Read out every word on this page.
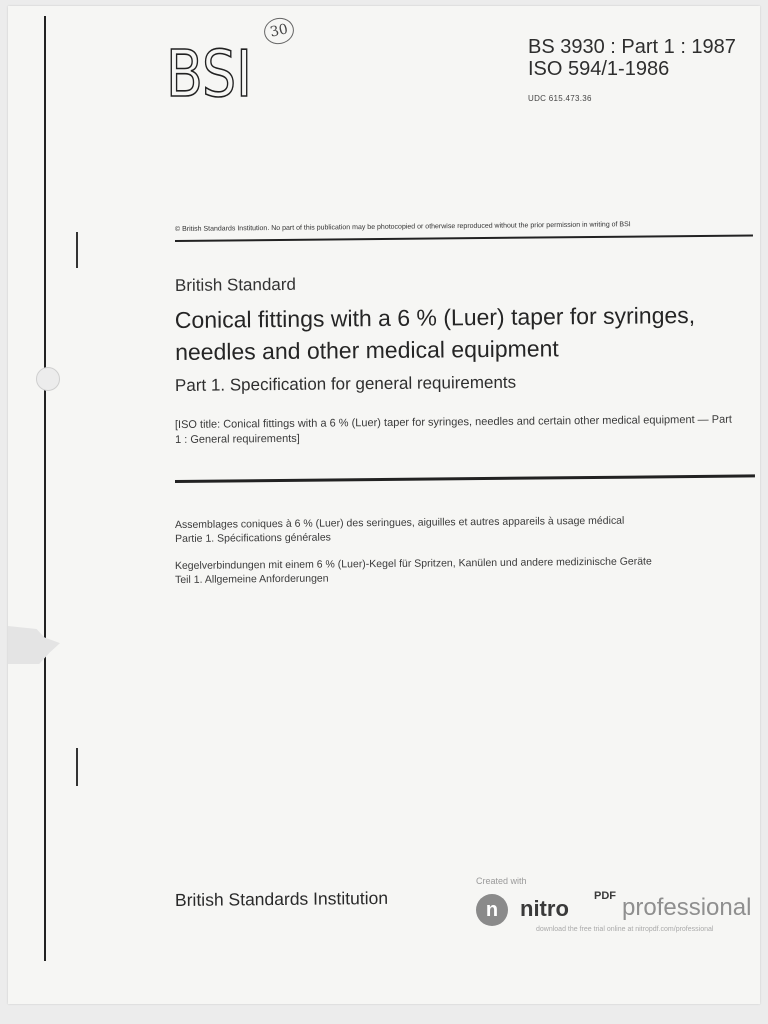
BSI
30
BS 3930 : Part 1 : 1987
ISO 594/1-1986
UDC 615.473.36
© British Standards Institution. No part of this publication may be photocopied or otherwise reproduced without the prior permission in writing of BSI
British Standard
Conical fittings with a 6 % (Luer) taper for syringes, needles and other medical equipment
Part 1. Specification for general requirements
[ISO title: Conical fittings with a 6 % (Luer) taper for syringes, needles and certain other medical equipment — Part 1 : General requirements]
Assemblages coniques à 6 % (Luer) des seringues, aiguilles et autres appareils à usage médical
Partie 1. Spécifications générales
Kegelverbindungen mit einem 6 % (Luer)-Kegel für Spritzen, Kanülen und andere medizinische Geräte
Teil 1. Allgemeine Anforderungen
British Standards Institution
Created with
n nitro PDF professional
download the free trial online at nitropdf.com/professional
